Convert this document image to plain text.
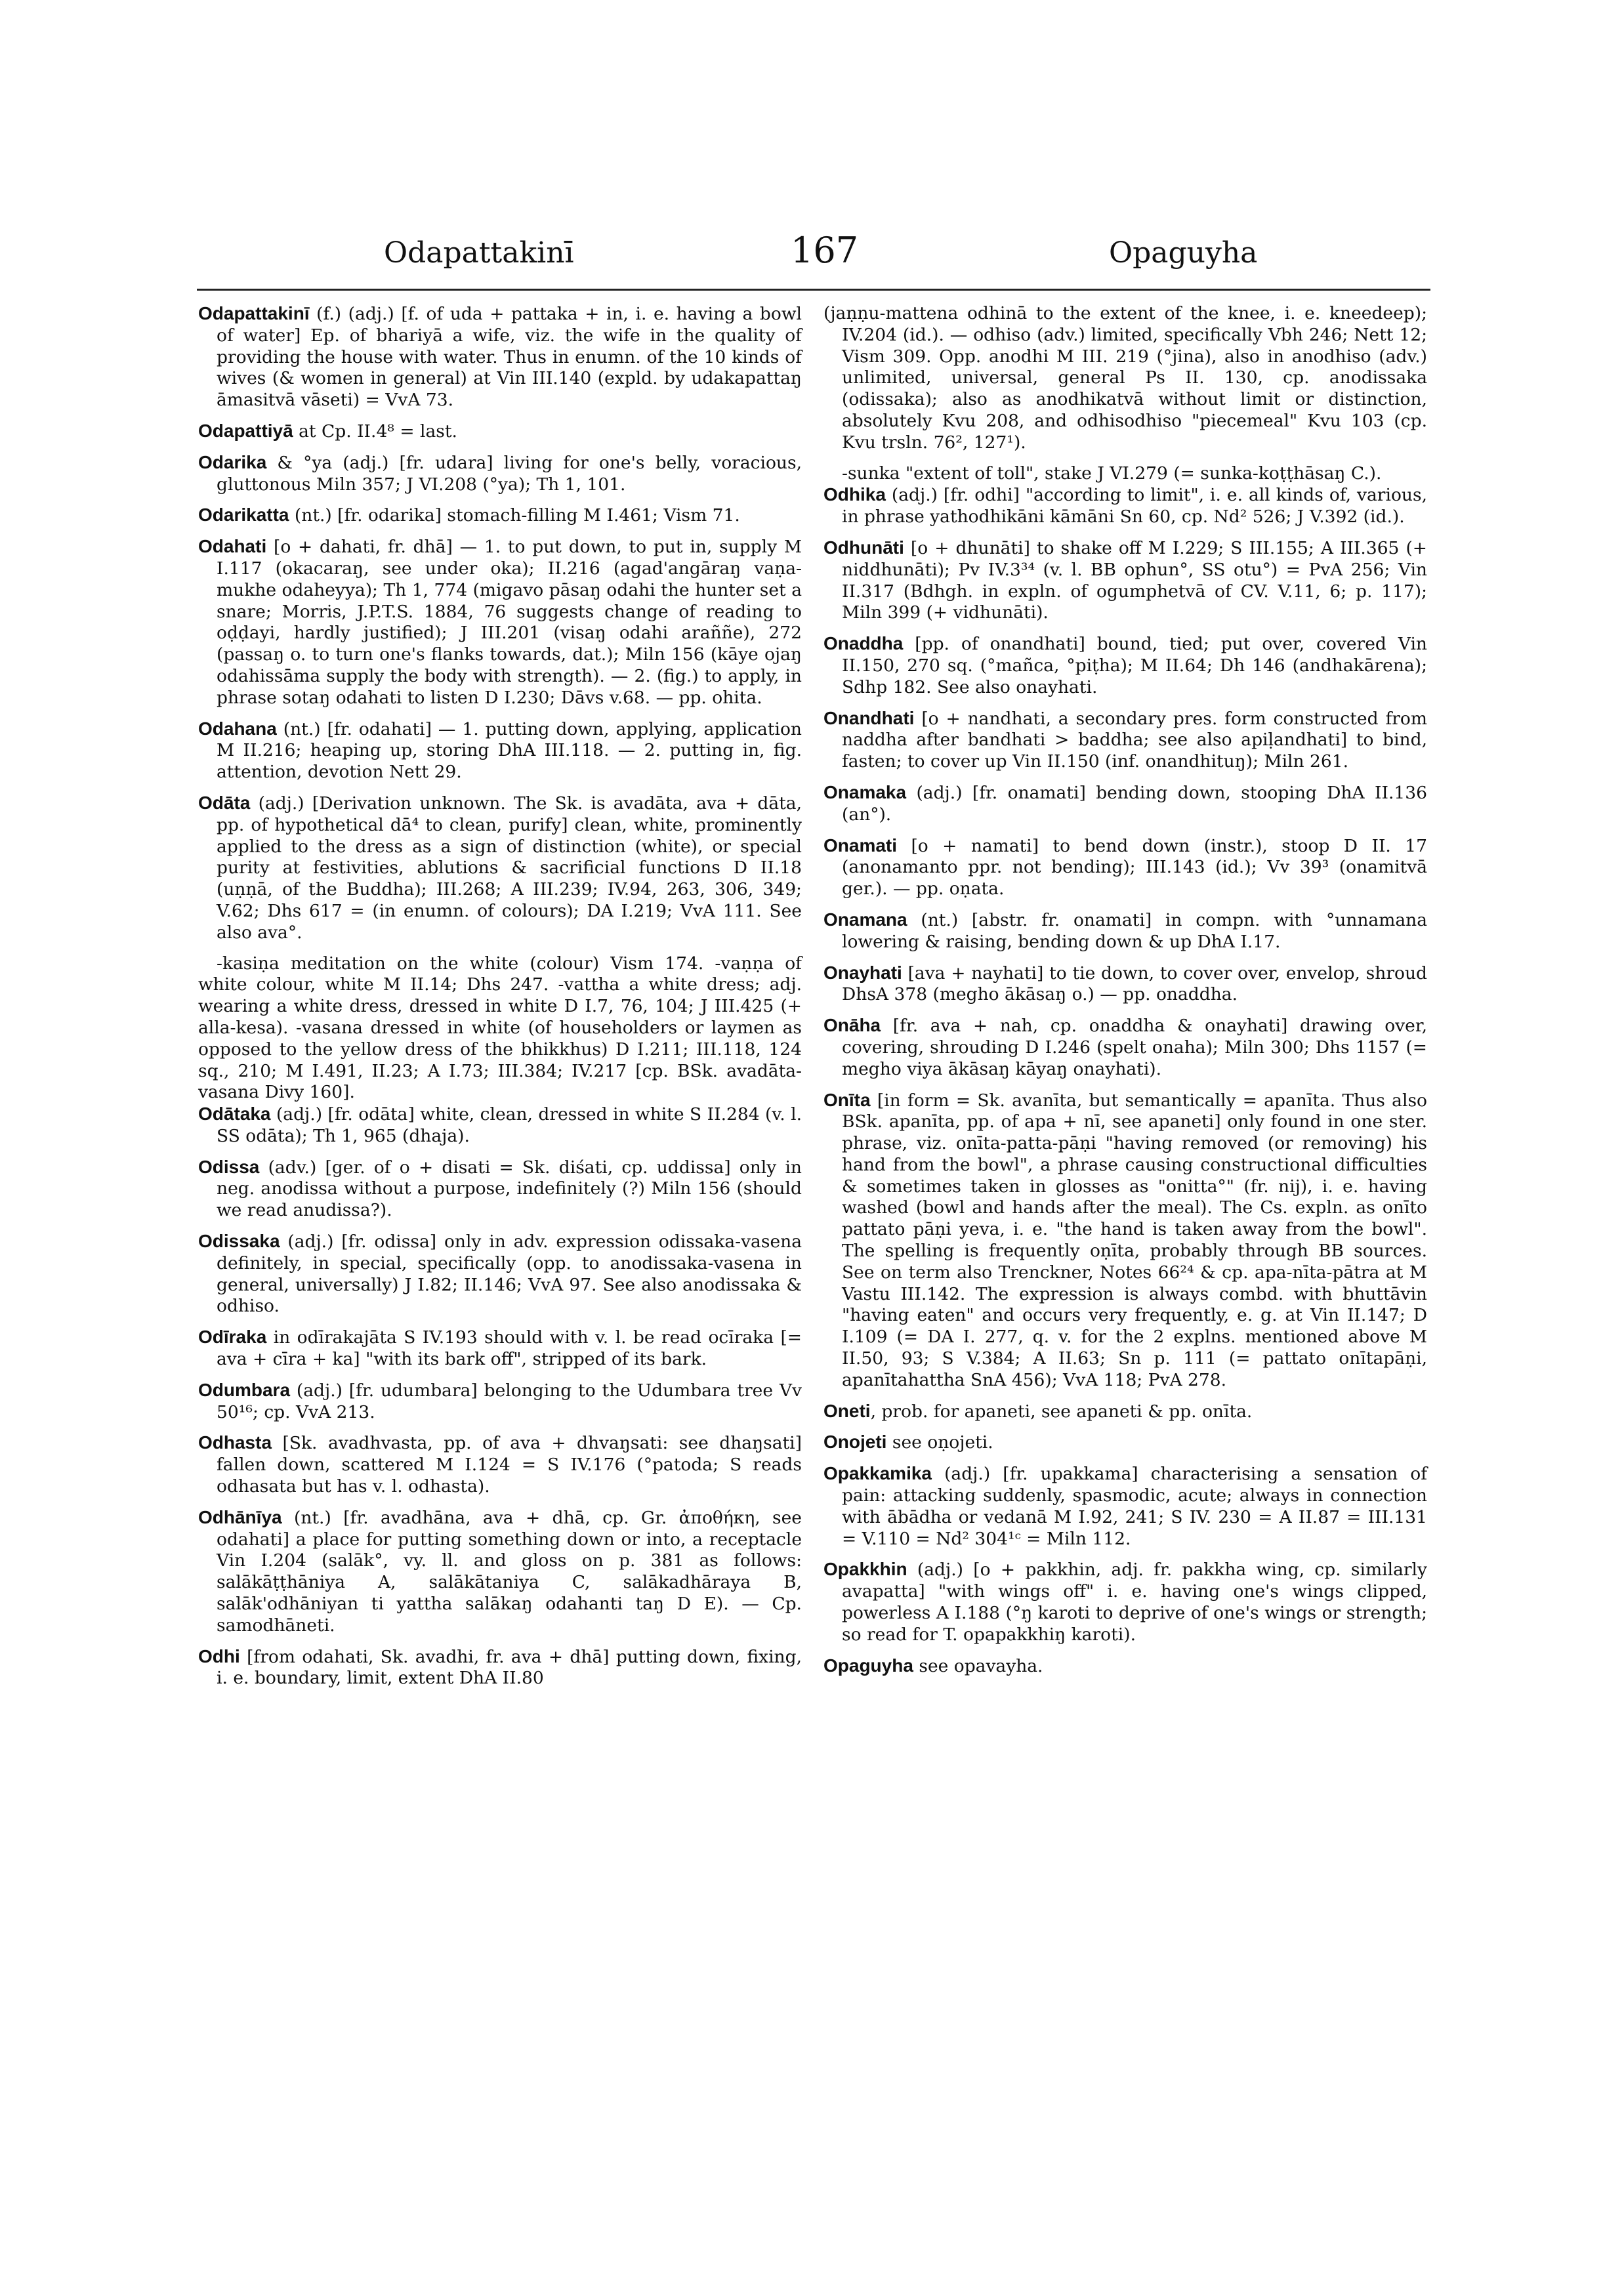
Odapattakinī	167	Opaguyha

Odapattakinī (f.) (adj.) [f. of uda + pattaka + in, i. e. having a bowl of water] Ep. of bhariyā a wife, viz. the wife in the quality of providing the house with water. Thus in enumn. of the 10 kinds of wives (& women in general) at Vin III.140 (expld. by udakapattaŋ āmasitvā vāseti) = VvA 73.

Odapattiyā at Cp. II.4⁸ = last.

Odarika & °ya (adj.) [fr. udara] living for one's belly, voracious, gluttonous Miln 357; J VI.208 (°ya); Th 1, 101.

Odarikatta (nt.) [fr. odarika] stomach-filling M I.461; Vism 71.

Odahati [o + dahati, fr. dhā] — 1. to put down, to put in, supply M I.117 (okacaraŋ, see under oka); II.216 (agad'angāraŋ vaṇa-mukhe odaheyya); Th 1, 774 (migavo pāsaŋ odahi the hunter set a snare; Morris, J.P.T.S. 1884, 76 suggests change of reading to oḍḍayi, hardly justified); J III.201 (visaŋ odahi araññe), 272 (passaŋ o. to turn one's flanks towards, dat.); Miln 156 (kāye ojaŋ odahissāma supply the body with strength). — 2. (fig.) to apply, in phrase sotaŋ odahati to listen D I.230; Dāvs v.68. — pp. ohita.

Odahana (nt.) [fr. odahati] — 1. putting down, applying, application M II.216; heaping up, storing DhA III.118. — 2. putting in, fig. attention, devotion Nett 29.

Odāta (adj.) [Derivation unknown. The Sk. is avadāta, ava + dāta, pp. of hypothetical dā⁴ to clean, purify] clean, white, prominently applied to the dress as a sign of distinction (white), or special purity at festivities, ablutions & sacrificial functions D II.18 (uṇṇā, of the Buddha); III.268; A III.239; IV.94, 263, 306, 349; V.62; Dhs 617 = (in enumn. of colours); DA I.219; VvA 111. See also ava°.

-kasiṇa meditation on the white (colour) Vism 174. -vaṇṇa of white colour, white M II.14; Dhs 247. -vattha a white dress; adj. wearing a white dress, dressed in white D I.7, 76, 104; J III.425 (+ alla-kesa). -vasana dressed in white (of householders or laymen as opposed to the yellow dress of the bhikkhus) D I.211; III.118, 124 sq., 210; M I.491, II.23; A I.73; III.384; IV.217 [cp. BSk. avadāta-vasana Divy 160].

Odātaka (adj.) [fr. odāta] white, clean, dressed in white S II.284 (v. l. SS odāta); Th 1, 965 (dhaja).

Odissa (adv.) [ger. of o + disati = Sk. diśati, cp. uddissa] only in neg. anodissa without a purpose, indefinitely (?) Miln 156 (should we read anudissa?).

Odissaka (adj.) [fr. odissa] only in adv. expression odissaka-vasena definitely, in special, specifically (opp. to anodissaka-vasena in general, universally) J I.82; II.146; VvA 97. See also anodissaka & odhiso.

Odīraka in odīrakajāta S IV.193 should with v. l. be read ocīraka [= ava + cīra + ka] "with its bark off", stripped of its bark.

Odumbara (adj.) [fr. udumbara] belonging to the Udumbara tree Vv 50¹⁶; cp. VvA 213.

Odhasta [Sk. avadhvasta, pp. of ava + dhvaŋsati: see dhaŋsati] fallen down, scattered M I.124 = S IV.176 (°patoda; S reads odhasata but has v. l. odhasta).

Odhānīya (nt.) [fr. avadhāna, ava + dhā, cp. Gr. ἀποθήκη, see odahati] a place for putting something down or into, a receptacle Vin I.204 (salāk°, vy. ll. and gloss on p. 381 as follows: salākāṭṭhāniya A, salākātaniya C, salākadhāraya B, salāk'odhāniyan ti yattha salākaŋ odahanti taŋ D E). — Cp. samodhāneti.

Odhi [from odahati, Sk. avadhi, fr. ava + dhā] putting down, fixing, i. e. boundary, limit, extent DhA II.80

(jaṇṇu-mattena odhinā to the extent of the knee, i. e. kneedeep); IV.204 (id.). — odhiso (adv.) limited, specifically Vbh 246; Nett 12; Vism 309. Opp. anodhi M III. 219 (°jina), also in anodhiso (adv.) unlimited, universal, general Ps II. 130, cp. anodissaka (odissaka); also as anodhikatvā without limit or distinction, absolutely Kvu 208, and odhisodhiso "piecemeal" Kvu 103 (cp. Kvu trsln. 76², 127¹).

-sunka "extent of toll", stake J VI.279 (= sunka-koṭṭhāsaŋ C.).

Odhika (adj.) [fr. odhi] "according to limit", i. e. all kinds of, various, in phrase yathodhikāni kāmāni Sn 60, cp. Nd² 526; J V.392 (id.).

Odhunāti [o + dhunāti] to shake off M I.229; S III.155; A III.365 (+ niddhunāti); Pv IV.3³⁴ (v. l. BB ophun°, SS otu°) = PvA 256; Vin II.317 (Bdhgh. in expln. of ogumphetvā of CV. V.11, 6; p. 117); Miln 399 (+ vidhunāti).

Onaddha [pp. of onandhati] bound, tied; put over, covered Vin II.150, 270 sq. (°mañca, °piṭha); M II.64; Dh 146 (andhakārena); Sdhp 182. See also onayhati.

Onandhati [o + nandhati, a secondary pres. form constructed from naddha after bandhati > baddha; see also apiḷandhati] to bind, fasten; to cover up Vin II.150 (inf. onandhituŋ); Miln 261.

Onamaka (adj.) [fr. onamati] bending down, stooping DhA II.136 (an°).

Onamati [o + namati] to bend down (instr.), stoop D II. 17 (anonamanto ppr. not bending); III.143 (id.); Vv 39³ (onamitvā ger.). — pp. oṇata.

Onamana (nt.) [abstr. fr. onamati] in compn. with °unnamana lowering & raising, bending down & up DhA I.17.

Onayhati [ava + nayhati] to tie down, to cover over, envelop, shroud DhsA 378 (megho ākāsaŋ o.) — pp. onaddha.

Onāha [fr. ava + nah, cp. onaddha & onayhati] drawing over, covering, shrouding D I.246 (spelt onaha); Miln 300; Dhs 1157 (= megho viya ākāsaŋ kāyaŋ onayhati).

Onīta [in form = Sk. avanīta, but semantically = apanīta. Thus also BSk. apanīta, pp. of apa + nī, see apaneti] only found in one ster. phrase, viz. onīta-patta-pāṇi "having removed (or removing) his hand from the bowl", a phrase causing constructional difficulties & sometimes taken in glosses as "onitta°" (fr. nij), i. e. having washed (bowl and hands after the meal). The Cs. expln. as onīto pattato pāṇi yeva, i. e. "the hand is taken away from the bowl". The spelling is frequently oṇīta, probably through BB sources. See on term also Trenckner, Notes 66²⁴ & cp. apa-nīta-pātra at M Vastu III.142. The expression is always combd. with bhuttāvin "having eaten" and occurs very frequently, e. g. at Vin II.147; D I.109 (= DA I. 277, q. v. for the 2 explns. mentioned above M II.50, 93; S V.384; A II.63; Sn p. 111 (= pattato onītapāṇi, apanītahattha SnA 456); VvA 118; PvA 278.

Oneti, prob. for apaneti, see apaneti & pp. onīta.

Onojeti see oṇojeti.

Opakkamika (adj.) [fr. upakkama] characterising a sensation of pain: attacking suddenly, spasmodic, acute; always in connection with ābādha or vedanā M I.92, 241; S IV. 230 = A II.87 = III.131 = V.110 = Nd² 304¹ᶜ = Miln 112.

Opakkhin (adj.) [o + pakkhin, adj. fr. pakkha wing, cp. similarly avapatta] "with wings off" i. e. having one's wings clipped, powerless A I.188 (°ŋ karoti to deprive of one's wings or strength; so read for T. opapakkhiŋ karoti).

Opaguyha see opavayha.
